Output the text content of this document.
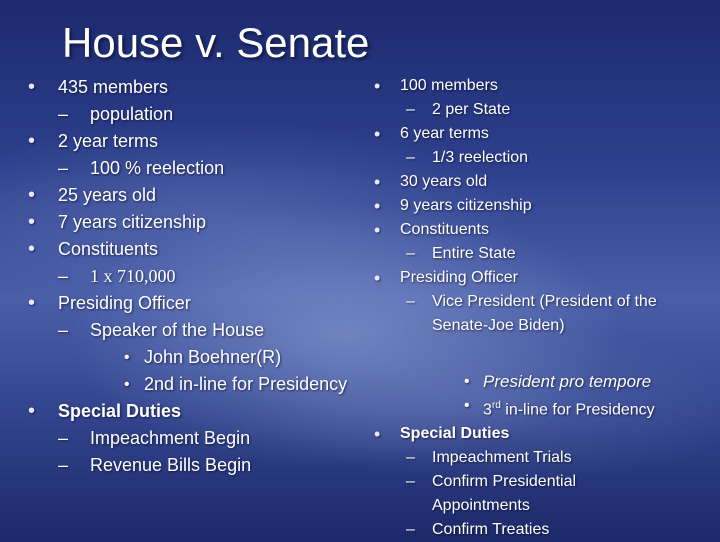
House v. Senate
• 435 members
– population
• 2 year terms
– 100 % reelection
• 25 years old
• 7 years citizenship
• Constituents
– 1 x 710,000
• Presiding Officer
– Speaker of the House
• John Boehner(R)
• 2nd in-line for Presidency
• Special Duties
– Impeachment Begin
– Revenue Bills Begin
• 100 members
– 2 per State
• 6 year terms
– 1/3 reelection
• 30 years old
• 9 years citizenship
• Constituents
– Entire State
• Presiding Officer
– Vice President (President of the
Senate-Joe Biden)
• President pro tempore
• 3rd in-line for Presidency
• Special Duties
– Impeachment Trials
– Confirm Presidential
Appointments
– Confirm Treaties
